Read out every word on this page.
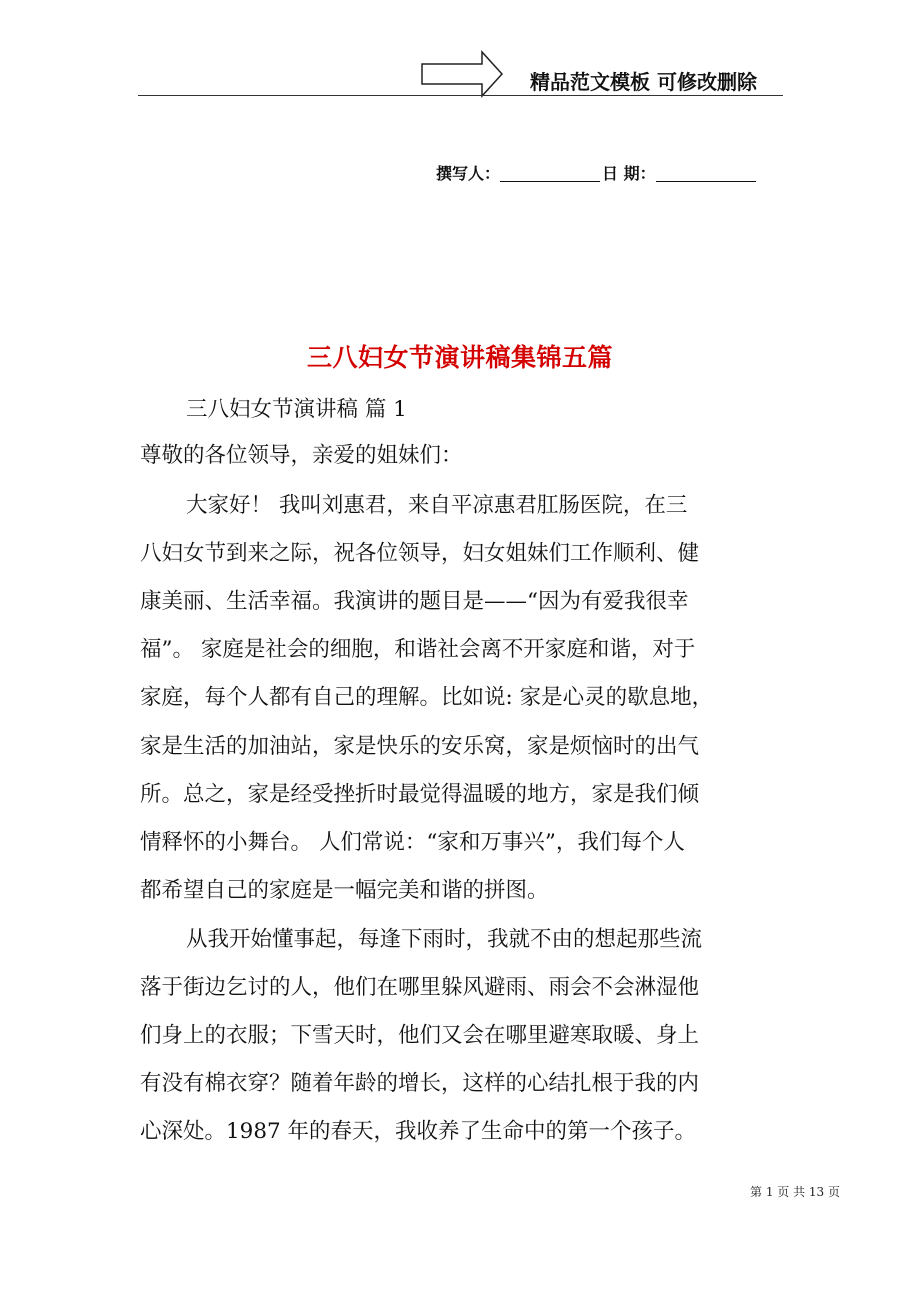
精品范文模板 可修改删除
撰写人：	日 期：
三八妇女节演讲稿集锦五篇
三八妇女节演讲稿 篇 1
尊敬的各位领导，亲爱的姐妹们：
大家好！ 我叫刘惠君，来自平凉惠君肛肠医院，在三
八妇女节到来之际，祝各位领导，妇女姐妹们工作顺利、健
康美丽、生活幸福。我演讲的题目是——“因为有爱我很幸
福”。 家庭是社会的细胞，和谐社会离不开家庭和谐，对于
家庭，每个人都有自己的理解。比如说: 家是心灵的歇息地，
家是生活的加油站，家是快乐的安乐窝，家是烦恼时的出气
所。总之，家是经受挫折时最觉得温暖的地方，家是我们倾
情释怀的小舞台。 人们常说：“家和万事兴”，我们每个人
都希望自己的家庭是一幅完美和谐的拼图。
从我开始懂事起，每逢下雨时，我就不由的想起那些流
落于街边乞讨的人，他们在哪里躲风避雨、雨会不会淋湿他
们身上的衣服；下雪天时，他们又会在哪里避寒取暖、身上
有没有棉衣穿？随着年龄的增长，这样的心结扎根于我的内
心深处。1987 年的春天，我收养了生命中的第一个孩子。
第 1 页 共 13 页
